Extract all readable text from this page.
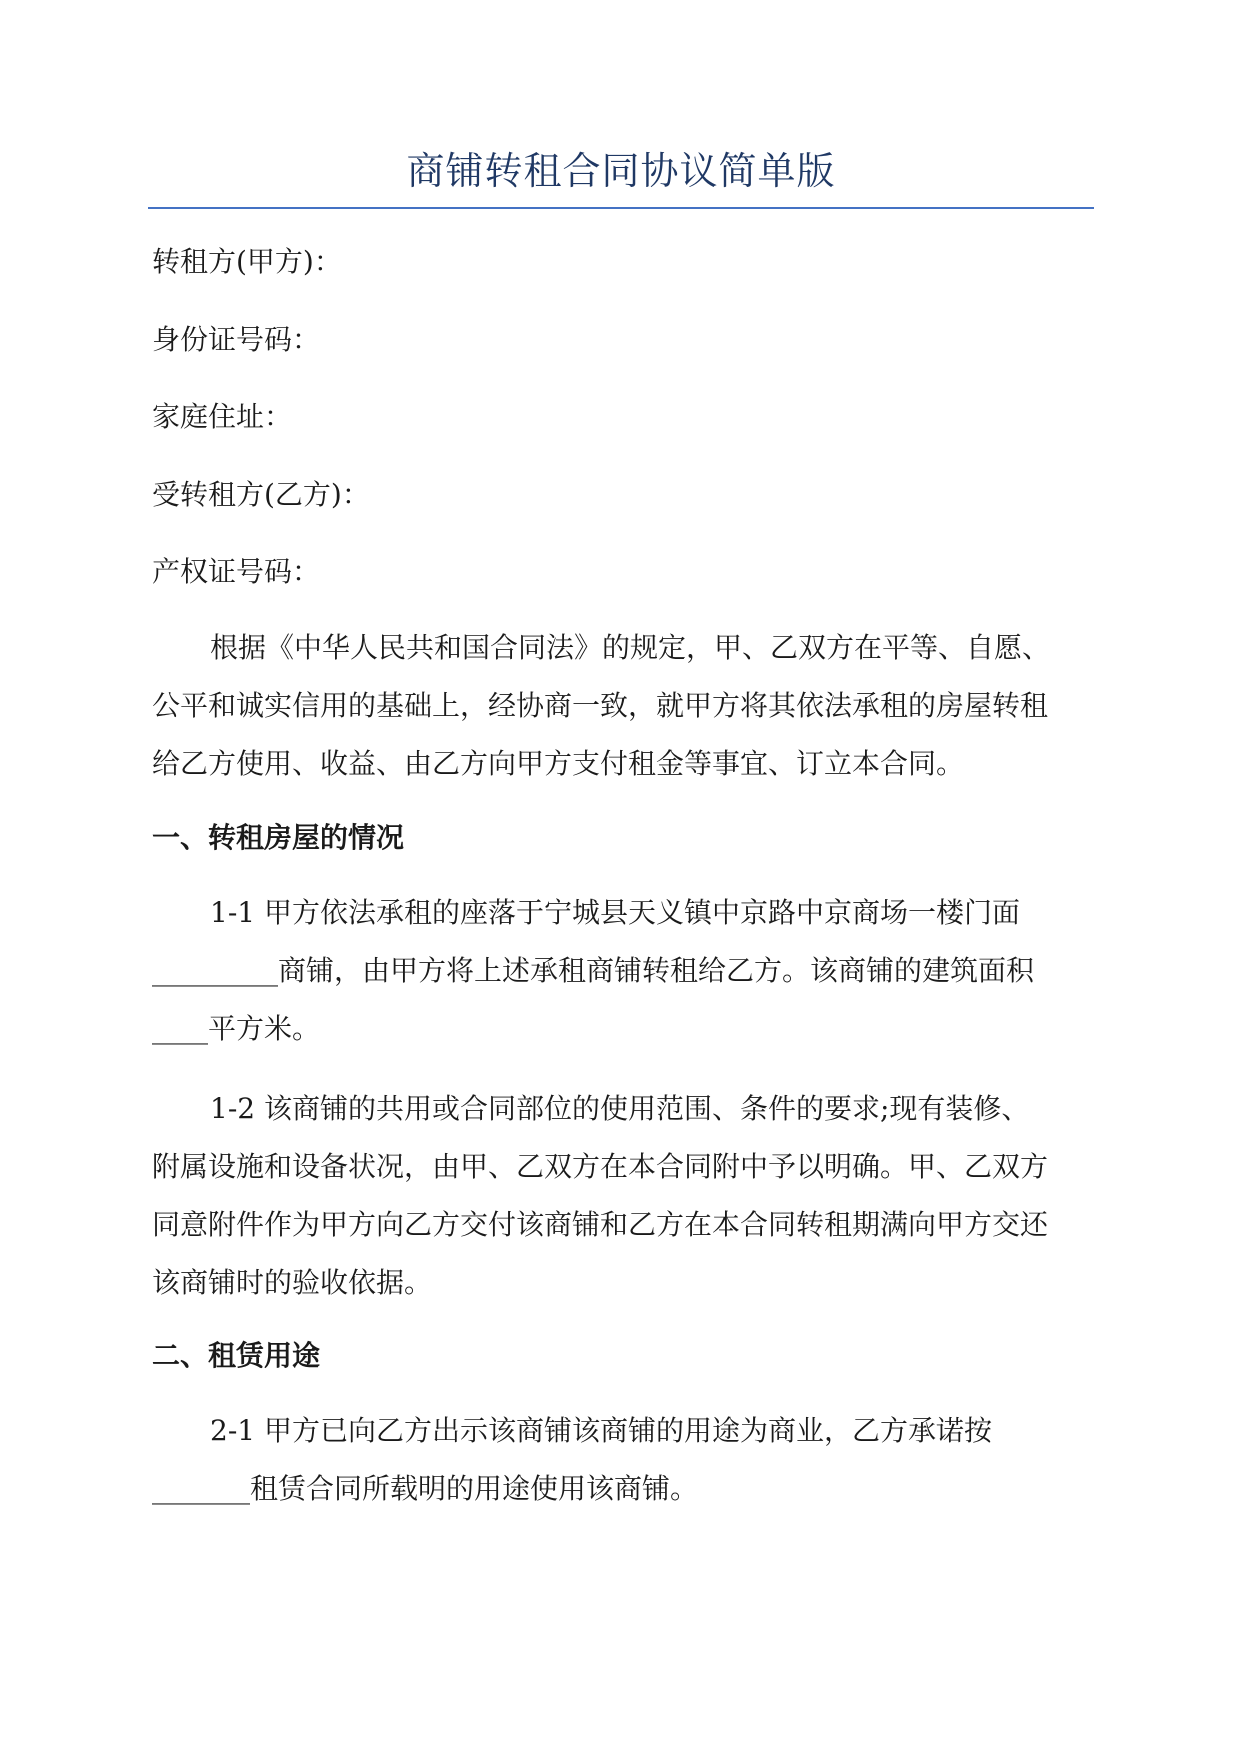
商铺转租合同协议简单版
转租方(甲方)：
身份证号码：
家庭住址：
受转租方(乙方)：
产权证号码：
根据《中华人民共和国合同法》的规定，甲、乙双方在平等、自愿、
公平和诚实信用的基础上，经协商一致，就甲方将其依法承租的房屋转租
给乙方使用、收益、由乙方向甲方支付租金等事宜、订立本合同。
一、转租房屋的情况
1-1 甲方依法承租的座落于宁城县天义镇中京路中京商场一楼门面
_________商铺，由甲方将上述承租商铺转租给乙方。该商铺的建筑面积
____平方米。
1-2 该商铺的共用或合同部位的使用范围、条件的要求;现有装修、
附属设施和设备状况，由甲、乙双方在本合同附中予以明确。甲、乙双方
同意附件作为甲方向乙方交付该商铺和乙方在本合同转租期满向甲方交还
该商铺时的验收依据。
二、租赁用途
2-1 甲方已向乙方出示该商铺该商铺的用途为商业，乙方承诺按
_______租赁合同所载明的用途使用该商铺。
